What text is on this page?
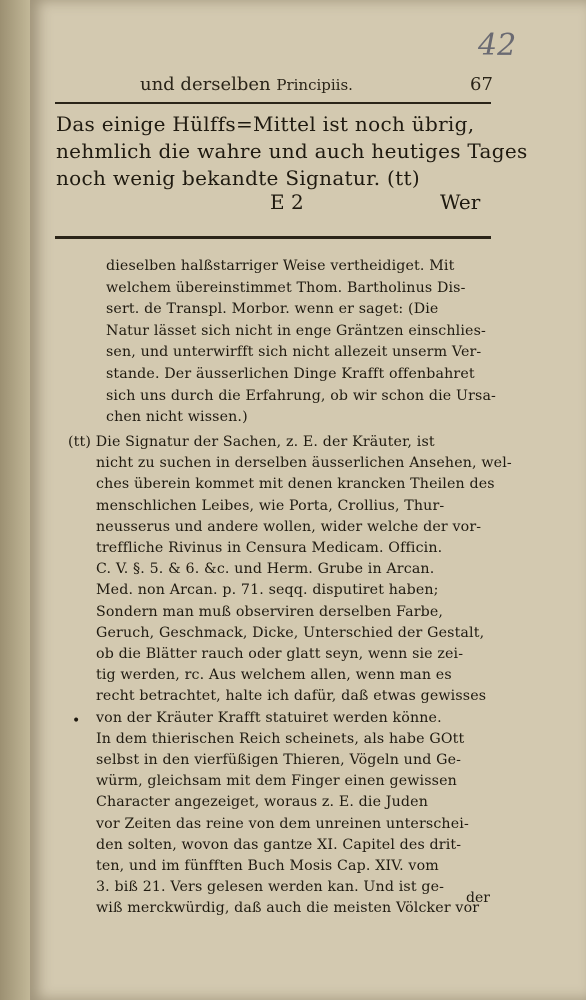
42
und derselben Principiis.	67
Das einige Hülffs=Mittel ist noch übrig,
nehmlich die wahre und auch heutiges Tages
noch wenig bekandte Signatur. (tt)
E 2	Wer
dieselben halßstarriger Weise vertheidiget. Mit
welchem übereinstimmet Thom. Bartholinus Dis-
sert. de Transpl. Morbor. wenn er saget: (Die
Natur lässet sich nicht in enge Gräntzen einschlies-
sen, und unterwirfft sich nicht allezeit unserm Ver-
stande. Der äusserlichen Dinge Krafft offenbahret
sich uns durch die Erfahrung, ob wir schon die Ursa-
chen nicht wissen.)
(tt) Die Signatur der Sachen, z. E. der Kräuter, ist
nicht zu suchen in derselben äusserlichen Ansehen, wel-
ches überein kommet mit denen krancken Theilen des
menschlichen Leibes, wie Porta, Crollius, Thur-
neusserus und andere wollen, wider welche der vor-
treffliche Rivinus in Censura Medicam. Officin.
C. V. §. 5. & 6. &c. und Herm. Grube in Arcan.
Med. non Arcan. p. 71. seqq. disputiret haben;
Sondern man muß observiren derselben Farbe,
Geruch, Geschmack, Dicke, Unterschied der Gestalt,
ob die Blätter rauch oder glatt seyn, wenn sie zei-
tig werden, rc. Aus welchem allen, wenn man es
recht betrachtet, halte ich dafür, daß etwas gewisses
von der Kräuter Krafft statuiret werden könne.
In dem thierischen Reich scheinets, als habe GOtt
selbst in den vierfüßigen Thieren, Vögeln und Ge-
würm, gleichsam mit dem Finger einen gewissen
Character angezeiget, woraus z. E. die Juden
vor Zeiten das reine von dem unreinen unterschei-
den solten, wovon das gantze XI. Capitel des drit-
ten, und im fünfften Buch Mosis Cap. XIV. vom
3. biß 21. Vers gelesen werden kan. Und ist ge-
wiß merckwürdig, daß auch die meisten Völcker vor
•
der
